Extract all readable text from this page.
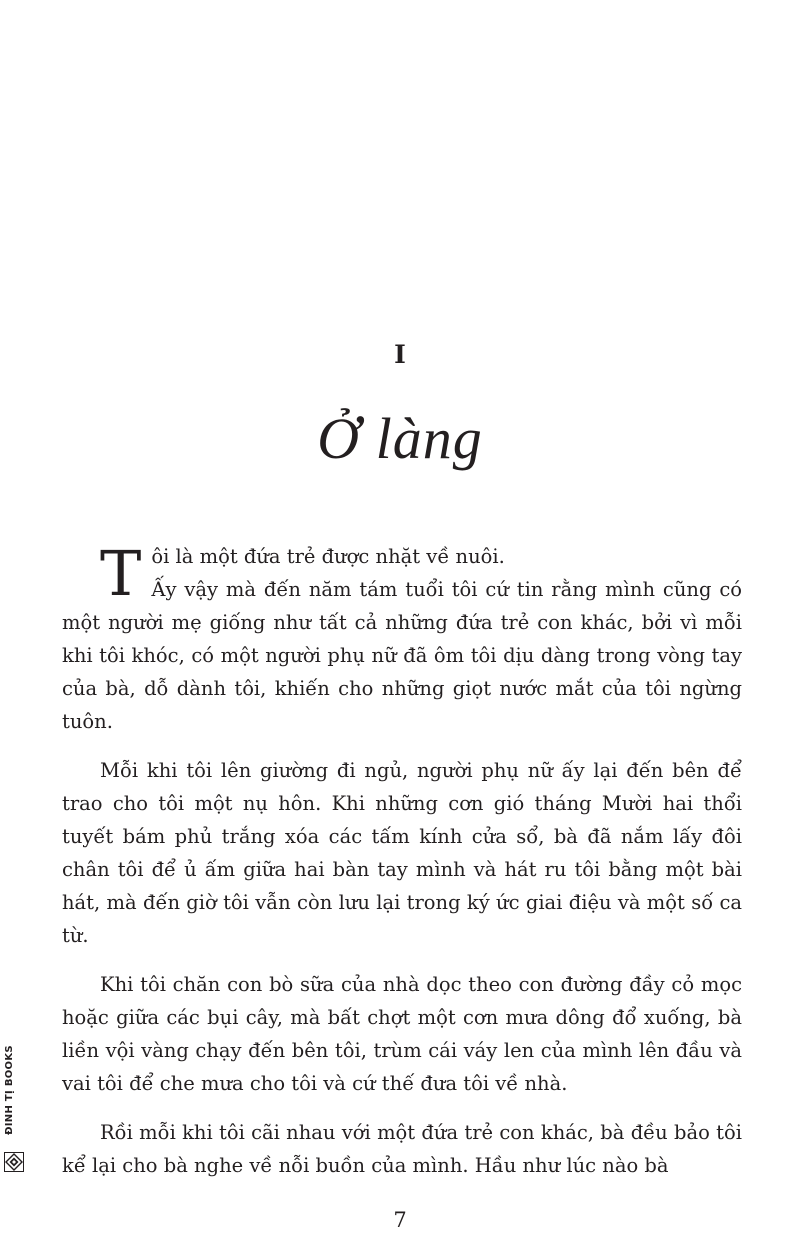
I
Ở làng
T ôi là một đứa trẻ được nhặt về nuôi.
Ấy vậy mà đến năm tám tuổi tôi cứ tin rằng mình cũng có một người mẹ giống như tất cả những đứa trẻ con khác, bởi vì mỗi khi tôi khóc, có một người phụ nữ đã ôm tôi dịu dàng trong vòng tay của bà, dỗ dành tôi, khiến cho những giọt nước mắt của tôi ngừng tuôn.

Mỗi khi tôi lên giường đi ngủ, người phụ nữ ấy lại đến bên để trao cho tôi một nụ hôn. Khi những cơn gió tháng Mười hai thổi tuyết bám phủ trắng xóa các tấm kính cửa sổ, bà đã nắm lấy đôi chân tôi để ủ ấm giữa hai bàn tay mình và hát ru tôi bằng một bài hát, mà đến giờ tôi vẫn còn lưu lại trong ký ức giai điệu và một số ca từ.

Khi tôi chăn con bò sữa của nhà dọc theo con đường đầy cỏ mọc hoặc giữa các bụi cây, mà bất chợt một cơn mưa dông đổ xuống, bà liền vội vàng chạy đến bên tôi, trùm cái váy len của mình lên đầu và vai tôi để che mưa cho tôi và cứ thế đưa tôi về nhà.

Rồi mỗi khi tôi cãi nhau với một đứa trẻ con khác, bà đều bảo tôi kể lại cho bà nghe về nỗi buồn của mình. Hầu như lúc nào bà

7
ĐINH TỊ BOOKS
